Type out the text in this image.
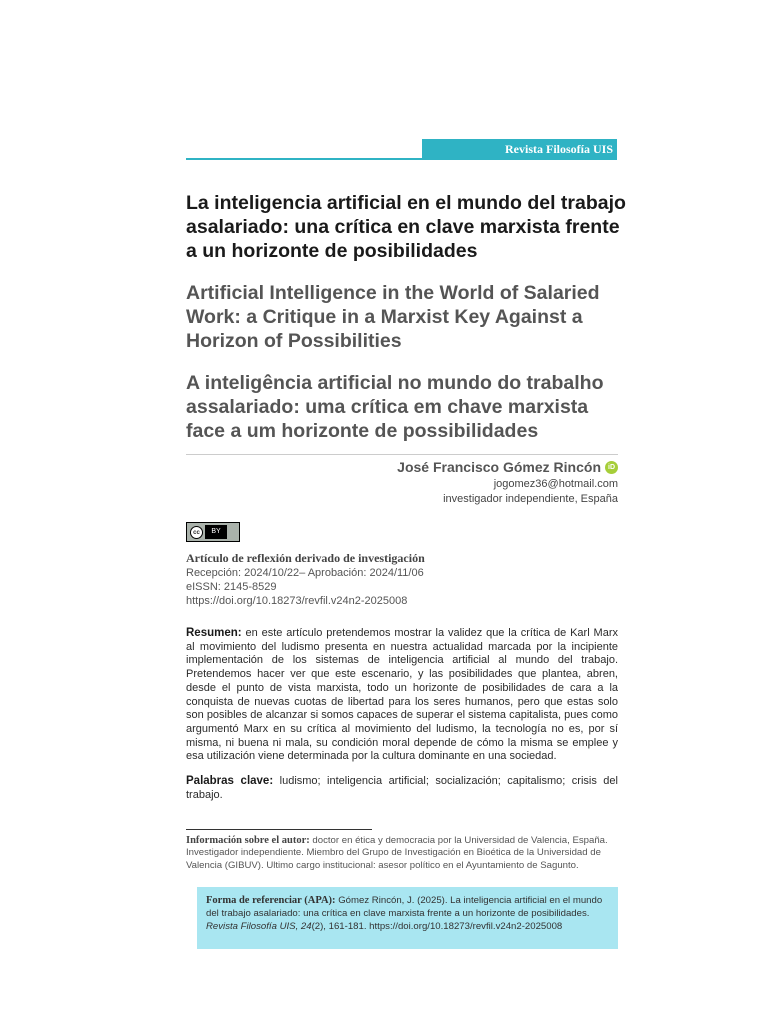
Revista Filosofía UIS
La inteligencia artificial en el mundo del trabajo asalariado: una crítica en clave marxista frente a un horizonte de posibilidades
Artificial Intelligence in the World of Salaried Work: a Critique in a Marxist Key Against a Horizon of Possibilities
A inteligência artificial no mundo do trabalho assalariado: uma crítica em chave marxista face a um horizonte de possibilidades
José Francisco Gómez Rincón	iD
jogomez36@hotmail.com
investigador independiente, España
cc	BY
Artículo de reflexión derivado de investigación
Recepción: 2024/10/22– Aprobación: 2024/11/06
eISSN: 2145-8529
https://doi.org/10.18273/revfil.v24n2-2025008

Resumen: en este artículo pretendemos mostrar la validez que la crítica de Karl Marx al movimiento del ludismo presenta en nuestra actualidad marcada por la incipiente implementación de los sistemas de inteligencia artificial al mundo del trabajo. Pretendemos hacer ver que este escenario, y las posibilidades que plantea, abren, desde el punto de vista marxista, todo un horizonte de posibilidades de cara a la conquista de nuevas cuotas de libertad para los seres humanos, pero que estas solo son posibles de alcanzar si somos capaces de superar el sistema capitalista, pues como argumentó Marx en su crítica al movimiento del ludismo, la tecnología no es, por sí misma, ni buena ni mala, su condición moral depende de cómo la misma se emplee y esa utilización viene determinada por la cultura dominante en una sociedad.

Palabras clave: ludismo; inteligencia artificial; socialización; capitalismo; crisis del trabajo.

Información sobre el autor: doctor en ética y democracia por la Universidad de Valencia, España. Investigador independiente. Miembro del Grupo de Investigación en Bioética de la Universidad de Valencia (GIBUV). Ultimo cargo institucional: asesor político en el Ayuntamiento de Sagunto.

Forma de referenciar (APA): Gómez Rincón, J. (2025). La inteligencia artificial en el mundo del trabajo asalariado: una crítica en clave marxista frente a un horizonte de posibilidades. Revista Filosofía UIS, 24(2), 161-181. https://doi.org/10.18273/revfil.v24n2-2025008
